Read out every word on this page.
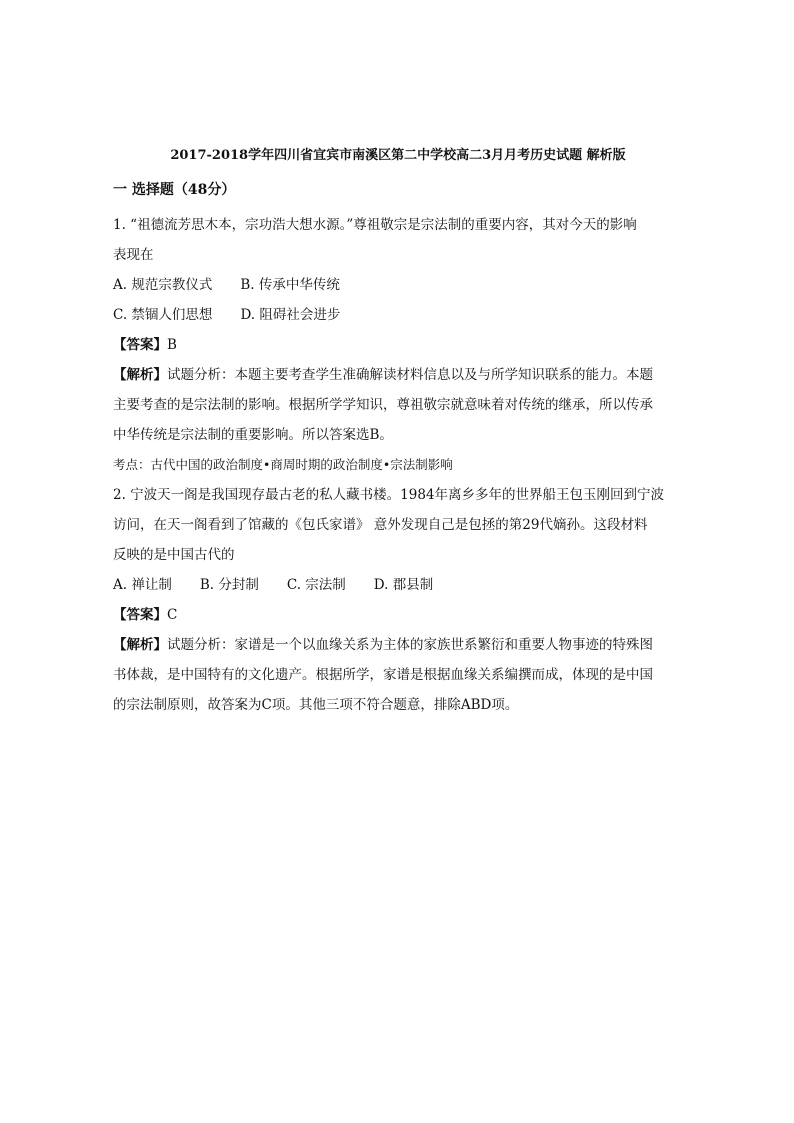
2017-2018学年四川省宜宾市南溪区第二中学校高二3月月考历史试题 解析版
一 选择题（48分）

1. “祖德流芳思木本，宗功浩大想水源。”尊祖敬宗是宗法制的重要内容，其对今天的影响

表现在

A. 规范宗教仪式 B. 传承中华传统

C. 禁锢人们思想 D. 阻碍社会进步

【答案】B

【解析】试题分析：本题主要考查学生准确解读材料信息以及与所学知识联系的能力。本题

主要考查的是宗法制的影响。根据所学学知识，尊祖敬宗就意味着对传统的继承，所以传承

中华传统是宗法制的重要影响。所以答案选B。

考点：古代中国的政治制度•商周时期的政治制度•宗法制影响

2. 宁波天一阁是我国现存最古老的私人藏书楼。1984年离乡多年的世界船王包玉刚回到宁波

访问，在天一阁看到了馆藏的《包氏家谱》 意外发现自己是包拯的第29代嫡孙。这段材料

反映的是中国古代的

A. 禅让制 B. 分封制 C. 宗法制 D. 郡县制

【答案】C

【解析】试题分析：家谱是一个以血缘关系为主体的家族世系繁衍和重要人物事迹的特殊图

书体裁，是中国特有的文化遗产。根据所学，家谱是根据血缘关系编撰而成，体现的是中国

的宗法制原则，故答案为C项。其他三项不符合题意，排除ABD项。
